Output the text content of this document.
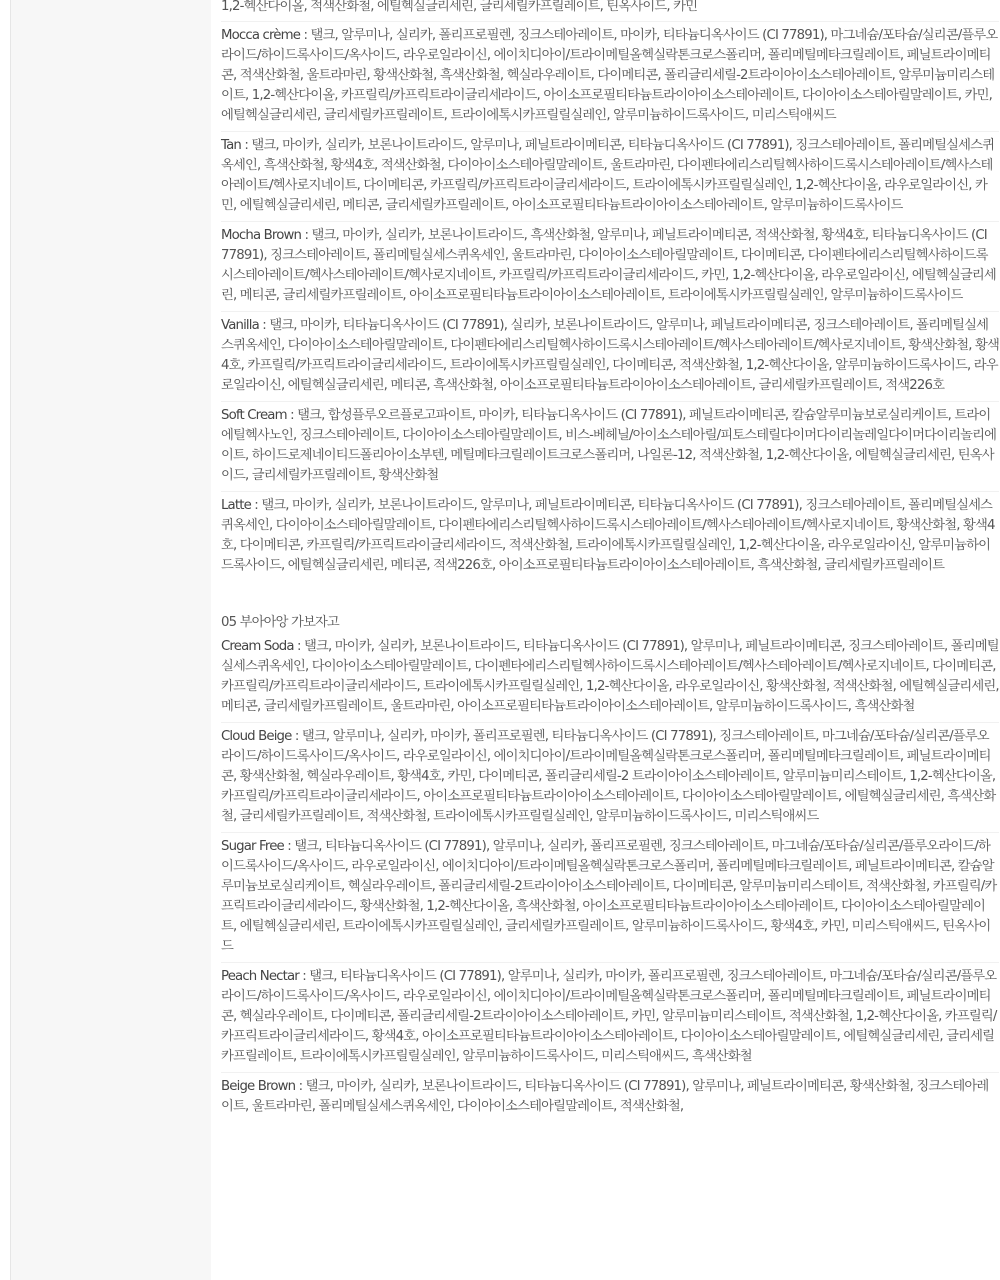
1,2-헥산다이올, 적색산화철, 에틸헥실글리세린, 글리세릴카프릴레이트, 틴옥사이드, 카민

Mocca crème : 탤크, 알루미나, 실리카, 폴리프로필렌, 징크스테아레이트, 마이카, 티타늄디옥사이드 (CI 77891), 마그네슘/포타슘/실리콘/플루오라이드/하이드록사이드/옥사이드, 라우로일라이신, 에이치디아이/트라이메틸올헥실락톤크로스폴리머, 폴리메틸메타크릴레이트, 페닐트라이메티콘, 적색산화철, 울트라마린, 황색산화철, 흑색산화철, 헥실라우레이트, 다이메티콘, 폴리글리세릴-2트라이아이소스테아레이트, 알루미늄미리스테이트, 1,2-헥산다이올, 카프릴릭/카프릭트라이글리세라이드, 아이소프로필티타늄트라이아이소스테아레이트, 다이아이소스테아릴말레이트, 카민, 에틸헥실글리세린, 글리세릴카프릴레이트, 트라이에톡시카프릴릴실레인, 알루미늄하이드록사이드, 미리스틱애씨드

Tan : 탤크, 마이카, 실리카, 보론나이트라이드, 알루미나, 페닐트라이메티콘, 티타늄디옥사이드 (CI 77891), 징크스테아레이트, 폴리메틸실세스퀴옥세인, 흑색산화철, 황색4호, 적색산화철, 다이아이소스테아릴말레이트, 울트라마린, 다이펜타에리스리틸헥사하이드록시스테아레이트/헥사스테아레이트/헥사로지네이트, 다이메티콘, 카프릴릭/카프릭트라이글리세라이드, 트라이에톡시카프릴릴실레인, 1,2-헥산다이올, 라우로일라이신, 카민, 에틸헥실글리세린, 메티콘, 글리세릴카프릴레이트, 아이소프로필티타늄트라이아이소스테아레이트, 알루미늄하이드록사이드

Mocha Brown : 탤크, 마이카, 실리카, 보론나이트라이드, 흑색산화철, 알루미나, 페닐트라이메티콘, 적색산화철, 황색4호, 티타늄디옥사이드 (CI 77891), 징크스테아레이트, 폴리메틸실세스퀴옥세인, 울트라마린, 다이아이소스테아릴말레이트, 다이메티콘, 다이펜타에리스리틸헥사하이드록시스테아레이트/헥사스테아레이트/헥사로지네이트, 카프릴릭/카프릭트라이글리세라이드, 카민, 1,2-헥산다이올, 라우로일라이신, 에틸헥실글리세린, 메티콘, 글리세릴카프릴레이트, 아이소프로필티타늄트라이아이소스테아레이트, 트라이에톡시카프릴릴실레인, 알루미늄하이드록사이드

Vanilla : 탤크, 마이카, 티타늄디옥사이드 (CI 77891), 실리카, 보론나이트라이드, 알루미나, 페닐트라이메티콘, 징크스테아레이트, 폴리메틸실세스퀴옥세인, 다이아이소스테아릴말레이트, 다이펜타에리스리틸헥사하이드록시스테아레이트/헥사스테아레이트/헥사로지네이트, 황색산화철, 황색4호, 카프릴릭/카프릭트라이글리세라이드, 트라이에톡시카프릴릴실레인, 다이메티콘, 적색산화철, 1,2-헥산다이올, 알루미늄하이드록사이드, 라우로일라이신, 에틸헥실글리세린, 메티콘, 흑색산화철, 아이소프로필티타늄트라이아이소스테아레이트, 글리세릴카프릴레이트, 적색226호

Soft Cream : 탤크, 합성플루오르플로고파이트, 마이카, 티타늄디옥사이드 (CI 77891), 페닐트라이메티콘, 칼슘알루미늄보로실리케이트, 트라이에틸헥사노인, 징크스테아레이트, 다이아이소스테아릴말레이트, 비스-베헤닐/아이소스테아릴/피토스테릴다이머다이리놀레일다이머다이리놀리에이트, 하이드로제네이티드폴리아이소부텐, 메틸메타크릴레이트크로스폴리머, 나일론-12, 적색산화철, 1,2-헥산다이올, 에틸헥실글리세린, 틴옥사이드, 글리세릴카프릴레이트, 황색산화철

Latte : 탤크, 마이카, 실리카, 보론나이트라이드, 알루미나, 페닐트라이메티콘, 티타늄디옥사이드 (CI 77891), 징크스테아레이트, 폴리메틸실세스퀴옥세인, 다이아이소스테아릴말레이트, 다이펜타에리스리틸헥사하이드록시스테아레이트/헥사스테아레이트/헥사로지네이트, 황색산화철, 황색4호, 다이메티콘, 카프릴릭/카프릭트라이글리세라이드, 적색산화철, 트라이에톡시카프릴릴실레인, 1,2-헥산다이올, 라우로일라이신, 알루미늄하이드록사이드, 에틸헥실글리세린, 메티콘, 적색226호, 아이소프로필티타늄트라이아이소스테아레이트, 흑색산화철, 글리세릴카프릴레이트

05 부아아앙 가보자고

Cream Soda : 탤크, 마이카, 실리카, 보론나이트라이드, 티타늄디옥사이드 (CI 77891), 알루미나, 페닐트라이메티콘, 징크스테아레이트, 폴리메틸실세스퀴옥세인, 다이아이소스테아릴말레이트, 다이펜타에리스리틸헥사하이드록시스테아레이트/헥사스테아레이트/헥사로지네이트, 다이메티콘, 카프릴릭/카프릭트라이글리세라이드, 트라이에톡시카프릴릴실레인, 1,2-헥산다이올, 라우로일라이신, 황색산화철, 적색산화철, 에틸헥실글리세린, 메티콘, 글리세릴카프릴레이트, 울트라마린, 아이소프로필티타늄트라이아이소스테아레이트, 알루미늄하이드록사이드, 흑색산화철

Cloud Beige : 탤크, 알루미나, 실리카, 마이카, 폴리프로필렌, 티타늄디옥사이드 (CI 77891), 징크스테아레이트, 마그네슘/포타슘/실리콘/플루오라이드/하이드록사이드/옥사이드, 라우로일라이신, 에이치디아이/트라이메틸올헥실락톤크로스폴리머, 폴리메틸메타크릴레이트, 페닐트라이메티콘, 황색산화철, 헥실라우레이트, 황색4호, 카민, 다이메티콘, 폴리글리세릴-2 트라이아이소스테아레이트, 알루미늄미리스테이트, 1,2-헥산다이올, 카프릴릭/카프릭트라이글리세라이드, 아이소프로필티타늄트라이아이소스테아레이트, 다이아이소스테아릴말레이트, 에틸헥실글리세린, 흑색산화철, 글리세릴카프릴레이트, 적색산화철, 트라이에톡시카프릴릴실레인, 알루미늄하이드록사이드, 미리스틱애씨드

Sugar Free : 탤크, 티타늄디옥사이드 (CI 77891), 알루미나, 실리카, 폴리프로필렌, 징크스테아레이트, 마그네슘/포타슘/실리콘/플루오라이드/하이드록사이드/옥사이드, 라우로일라이신, 에이치디아이/트라이메틸올헥실락톤크로스폴리머, 폴리메틸메타크릴레이트, 페닐트라이메티콘, 칼슘알루미늄보로실리케이트, 헥실라우레이트, 폴리글리세릴-2트라이아이소스테아레이트, 다이메티콘, 알루미늄미리스테이트, 적색산화철, 카프릴릭/카프릭트라이글리세라이드, 황색산화철, 1,2-헥산다이올, 흑색산화철, 아이소프로필티타늄트라이아이소스테아레이트, 다이아이소스테아릴말레이트, 에틸헥실글리세린, 트라이에톡시카프릴릴실레인, 글리세릴카프릴레이트, 알루미늄하이드록사이드, 황색4호, 카민, 미리스틱애씨드, 틴옥사이드

Peach Nectar : 탤크, 티타늄디옥사이드 (CI 77891), 알루미나, 실리카, 마이카, 폴리프로필렌, 징크스테아레이트, 마그네슘/포타슘/실리콘/플루오라이드/하이드록사이드/옥사이드, 라우로일라이신, 에이치디아이/트라이메틸올헥실락톤크로스폴리머, 폴리메틸메타크릴레이트, 페닐트라이메티콘, 헥실라우레이트, 다이메티콘, 폴리글리세릴-2트라이아이소스테아레이트, 카민, 알루미늄미리스테이트, 적색산화철, 1,2-헥산다이올, 카프릴릭/카프릭트라이글리세라이드, 황색4호, 아이소프로필티타늄트라이아이소스테아레이트, 다이아이소스테아릴말레이트, 에틸헥실글리세린, 글리세릴카프릴레이트, 트라이에톡시카프릴릴실레인, 알루미늄하이드록사이드, 미리스틱애씨드, 흑색산화철

Beige Brown : 탤크, 마이카, 실리카, 보론나이트라이드, 티타늄디옥사이드 (CI 77891), 알루미나, 페닐트라이메티콘, 황색산화철, 징크스테아레이트, 울트라마린, 폴리메틸실세스퀴옥세인, 다이아이소스테아릴말레이트, 적색산화철,
